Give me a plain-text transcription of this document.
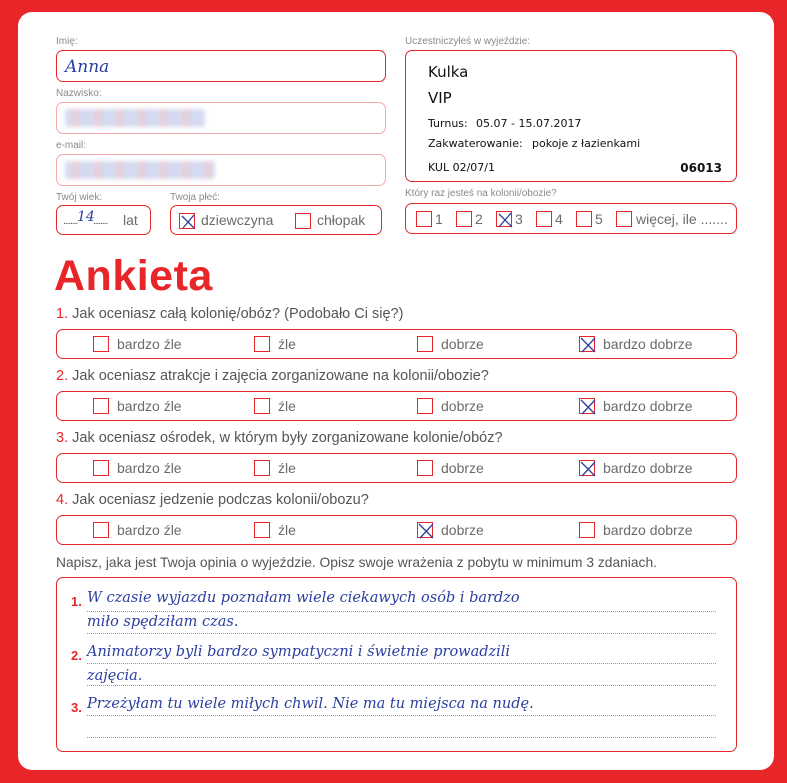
Imię:
Anna
Nazwisko:
e-mail:
Twój wiek:
........ 14
........ lat
Twoja płeć:
dziewczyna	chłopak
Uczestniczyłeś w wyjeździe:
Kulka
VIP
Turnus: 05.07 - 15.07.2017
Zakwaterowanie: pokoje z łazienkami
KUL 02/07/1	06013
Który raz jesteś na kolonii/obozie?
1 2 3 4 5 więcej, ile .......
Ankieta
1. Jak oceniasz całą kolonię/obóz? (Podobało Ci się?)
bardzo źle	źle	dobrze	bardzo dobrze
2. Jak oceniasz atrakcje i zajęcia zorganizowane na kolonii/obozie?
bardzo źle	źle	dobrze	bardzo dobrze
3. Jak oceniasz ośrodek, w którym były zorganizowane kolonie/obóz?
bardzo źle	źle	dobrze	bardzo dobrze
4. Jak oceniasz jedzenie podczas kolonii/obozu?
bardzo źle	źle	dobrze	bardzo dobrze
Napisz, jaka jest Twoja opinia o wyjeździe. Opisz swoje wrażenia z pobytu w minimum 3 zdaniach.
1. W czasie wyjazdu poznałam wiele ciekawych osób i bardzo
miło spędziłam czas.
2. Animatorzy byli bardzo sympatyczni i świetnie prowadzili
zajęcia.
3. Przeżyłam tu wiele miłych chwil. Nie ma tu miejsca na nudę.
